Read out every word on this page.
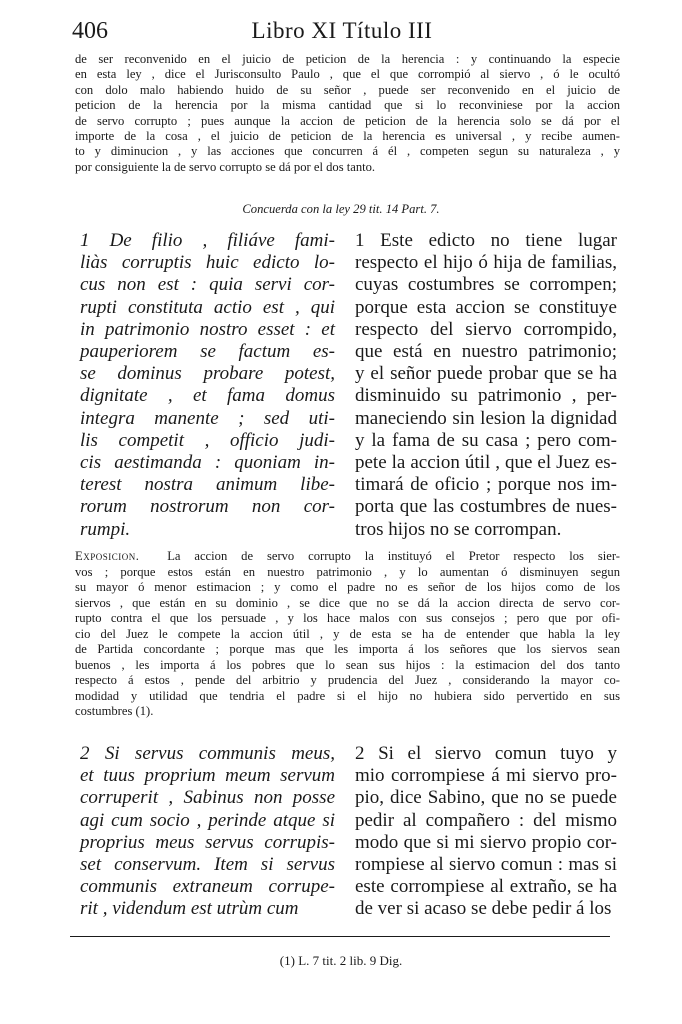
406	Libro XI Título III
de ser reconvenido en el juicio de peticion de la herencia : y continuando la especie
en esta ley , dice el Jurisconsulto Paulo , que el que corrompió al siervo , ó le ocultó
con dolo malo habiendo huido de su señor , puede ser reconvenido en el juicio de
peticion de la herencia por la misma cantidad que si lo reconviniese por la accion
de servo corrupto ; pues aunque la accion de peticion de la herencia solo se dá por el
importe de la cosa , el juicio de peticion de la herencia es universal , y recibe aumen-
to y diminucion , y las acciones que concurren á él , competen segun su naturaleza , y
por consiguiente la de servo corrupto se dá por el dos tanto.
Concuerda con la ley 29 tit. 14 Part. 7.
1 De filio , filiáve fami-
liàs corruptis huic edicto lo-
cus non est : quia servi cor-
rupti constituta actio est , qui
in patrimonio nostro esset : et
pauperiorem se factum es-
se dominus probare potest,
dignitate , et fama domus
integra manente ; sed uti-
lis competit , officio judi-
cis aestimanda : quoniam in-
terest nostra animum libe-
rorum nostrorum non cor-
rumpi.
1 Este edicto no tiene lugar
respecto el hijo ó hija de familias,
cuyas costumbres se corrompen;
porque esta accion se constituye
respecto del siervo corrompido,
que está en nuestro patrimonio;
y el señor puede probar que se ha
disminuido su patrimonio , per-
maneciendo sin lesion la dignidad
y la fama de su casa ; pero com-
pete la accion útil , que el Juez es-
timará de oficio ; porque nos im-
porta que las costumbres de nues-
tros hijos no se corrompan.
Exposicion. La accion de servo corrupto la instituyó el Pretor respecto los sier-
vos ; porque estos están en nuestro patrimonio , y lo aumentan ó disminuyen segun
su mayor ó menor estimacion ; y como el padre no es señor de los hijos como de los
siervos , que están en su dominio , se dice que no se dá la accion directa de servo cor-
rupto contra el que los persuade , y los hace malos con sus consejos ; pero que por ofi-
cio del Juez le compete la accion útil , y de esta se ha de entender que habla la ley
de Partida concordante ; porque mas que les importa á los señores que los siervos sean
buenos , les importa á los pobres que lo sean sus hijos : la estimacion del dos tanto
respecto á estos , pende del arbitrio y prudencia del Juez , considerando la mayor co-
modidad y utilidad que tendria el padre si el hijo no hubiera sido pervertido en sus
costumbres (1).
2 Si servus communis meus,
et tuus proprium meum servum
corruperit , Sabinus non posse
agi cum socio , perinde atque si
proprius meus servus corrupis-
set conservum. Item si servus
communis extraneum corrupe-
rit , videndum est utrùm cum
2 Si el siervo comun tuyo y
mio corrompiese á mi siervo pro-
pio, dice Sabino, que no se puede
pedir al compañero : del mismo
modo que si mi siervo propio cor-
rompiese al siervo comun : mas si
este corrompiese al extraño, se ha
de ver si acaso se debe pedir á los
(1) L. 7 tit. 2 lib. 9 Dig.
